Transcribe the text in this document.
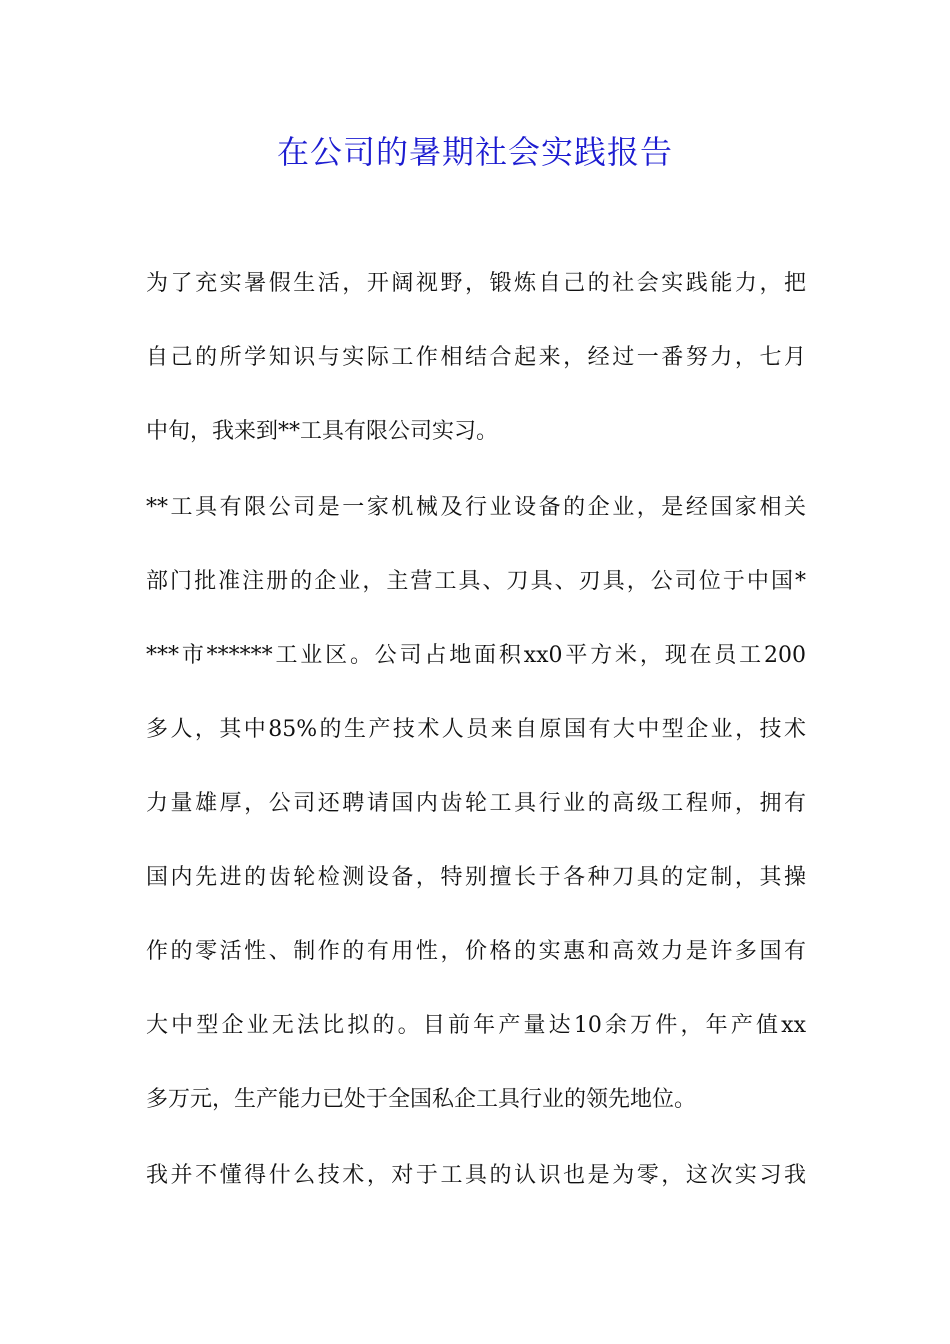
在公司的暑期社会实践报告
为了充实暑假生活，开阔视野，锻炼自己的社会实践能力，把
自己的所学知识与实际工作相结合起来，经过一番努力，七月
中旬，我来到**工具有限公司实习。
**工具有限公司是一家机械及行业设备的企业，是经国家相关
部门批准注册的企业，主营工具、刀具、刃具，公司位于中国*
***市******工业区。公司占地面积xx0平方米，现在员工200
多人，其中85%的生产技术人员来自原国有大中型企业，技术
力量雄厚，公司还聘请国内齿轮工具行业的高级工程师，拥有
国内先进的齿轮检测设备，特别擅长于各种刀具的定制，其操
作的零活性、制作的有用性，价格的实惠和高效力是许多国有
大中型企业无法比拟的。目前年产量达10余万件，年产值xx
多万元，生产能力已处于全国私企工具行业的领先地位。
我并不懂得什么技术，对于工具的认识也是为零，这次实习我
